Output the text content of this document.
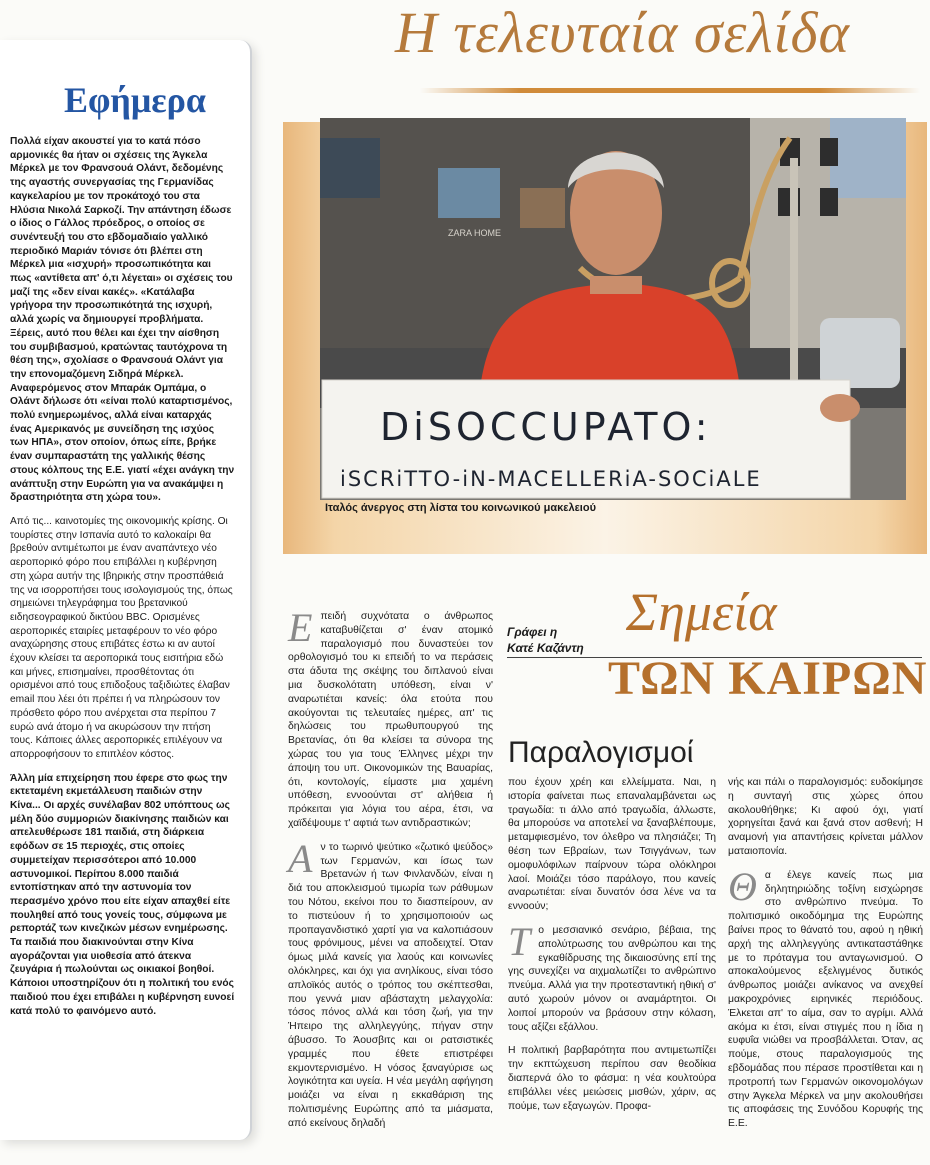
Η τελευταία σελίδα
Εφήμερα

Πολλά είχαν ακουστεί για το κατά πόσο αρμονικές θα ήταν οι σχέσεις της Άγκελα Μέρκελ με τον Φρανσουά Ολάντ, δεδομένης της αγαστής συνεργασίας της Γερμανίδας καγκελαρίου με τον προκάτοχό του στα Ηλύσια Νικολά Σαρκοζί. Την απάντηση έδωσε ο ίδιος ο Γάλλος πρόεδρος, ο οποίος σε συνέντευξή του στο εβδομαδιαίο γαλλικό περιοδικό Μαριάν τόνισε ότι βλέπει στη Μέρκελ μια «ισχυρή» προσωπικότητα και πως «αντίθετα απ' ό,τι λέγεται» οι σχέσεις του μαζί της «δεν είναι κακές». «Κατάλαβα γρήγορα την προσωπικότητά της ισχυρή, αλλά χωρίς να δημιουργεί προβλήματα. Ξέρεις, αυτό που θέλει και έχει την αίσθηση του συμβιβασμού, κρατώντας ταυτόχρονα τη θέση της», σχολίασε ο Φρανσουά Ολάντ για την επονομαζόμενη Σιδηρά Μέρκελ. Αναφερόμενος στον Μπαράκ Ομπάμα, ο Ολάντ δήλωσε ότι «είναι πολύ καταρτισμένος, πολύ ενημερωμένος, αλλά είναι καταρχάς ένας Αμερικανός με συνείδηση της ισχύος των ΗΠΑ», στον οποίον, όπως είπε, βρήκε έναν συμπαραστάτη της γαλλικής θέσης στους κόλπους της Ε.Ε. γιατί «έχει ανάγκη την ανάπτυξη στην Ευρώπη για να ανακάμψει η δραστηριότητα στη χώρα του».

Από τις... καινοτομίες της οικονομικής κρίσης. Οι τουρίστες στην Ισπανία αυτό το καλοκαίρι θα βρεθούν αντιμέτωποι με έναν αναπάντεχο νέο αεροπορικό φόρο που επιβάλλει η κυβέρνηση στη χώρα αυτήν της Ιβηρικής στην προσπάθειά της να ισορροπήσει τους ισολογισμούς της, όπως σημειώνει τηλεγράφημα του βρετανικού ειδησεογραφικού δικτύου BBC. Ορισμένες αεροπορικές εταιρίες μεταφέρουν το νέο φόρο αναχώρησης στους επιβάτες έστω κι αν αυτοί έχουν κλείσει τα αεροπορικά τους εισιτήρια εδώ και μήνες, επισημαίνει, προσθέτοντας ότι ορισμένοι από τους επιδοξους ταξιδιώτες έλαβαν email που λέει ότι πρέπει ή να πληρώσουν τον πρόσθετο φόρο που ανέρχεται στα περίπου 7 ευρώ ανά άτομο ή να ακυρώσουν την πτήση τους. Κάποιες άλλες αεροπορικές επιλέγουν να απορροφήσουν το επιπλέον κόστος.

Άλλη μία επιχείρηση που έφερε στο φως την εκτεταμένη εκμετάλλευση παιδιών στην Κίνα... Οι αρχές συνέλαβαν 802 υπόπτους ως μέλη δύο συμμοριών διακίνησης παιδιών και απελευθέρωσε 181 παιδιά, στη διάρκεια εφόδων σε 15 περιοχές, στις οποίες συμμετείχαν περισσότεροι από 10.000 αστυνομικοί. Περίπου 8.000 παιδιά εντοπίστηκαν από την αστυνομία τον περασμένο χρόνο που είτε είχαν απαχθεί είτε πουληθεί από τους γονείς τους, σύμφωνα με ρεπορτάζ των κινεζικών μέσων ενημέρωσης. Τα παιδιά που διακινούνται στην Κίνα αγοράζονται για υιοθεσία από άτεκνα ζευγάρια ή πωλούνται ως οικιακοί βοηθοί. Κάποιοι υποστηρίζουν ότι η πολιτική του ενός παιδιού που έχει επιβάλει η κυβέρνηση ευνοεί κατά πολύ το φαινόμενο αυτό.

ZARA HOME
DiSOCCUPATO:
iSCRiTTO-iN-MACELLERiA-SOCiALE
Ιταλός άνεργος στη λίστα του κοινωνικού μακελειού
Γράφει η
Κατέ Καζάντη
Σημεία
ΤΩΝ ΚΑΙΡΩΝ
Παραλογισμοί

Επειδή συχνότατα ο άνθρωπος καταβυθίζεται σ' έναν ατομικό παραλογισμό που δυναστεύει τον ορθολογισμό του κι επειδή το να περάσεις στα άδυτα της σκέψης του διπλανού είναι μια δυσκολότατη υπόθεση, είναι ν' αναρωτιέται κανείς: όλα ετούτα που ακούγονται τις τελευταίες ημέρες, απ' τις δηλώσεις του πρωθυπουργού της Βρετανίας, ότι θα κλείσει τα σύνορα της χώρας του για τους Έλληνες μέχρι την άποψη του υπ. Οικονομικών της Βαυαρίας, ότι, κοντολογίς, είμαστε μια χαμένη υπόθεση, εννοούνται στ' αλήθεια ή πρόκειται για λόγια του αέρα, έτσι, να χαϊδέψουμε τ' αφτιά των αντιδραστικών;

Αν το τωρινό ψεύτικο «ζωτικό ψεύδος» των Γερμανών, και ίσως των Βρετανών ή των Φινλανδών, είναι η διά του αποκλεισμού τιμωρία των ράθυμων του Νότου, εκείνοι που το διασπείρουν, αν το πιστεύουν ή το χρησιμοποιούν ως προπαγανδιστικό χαρτί για να καλοπιάσουν τους φρόνιμους, μένει να αποδειχτεί. Όταν όμως μιλά κανείς για λαούς και κοινωνίες ολόκληρες, και όχι για ανηλίκους, είναι τόσο απλοϊκός αυτός ο τρόπος του σκέπτεσθαι, που γεννά μιαν αβάσταχτη μελαγχολία: τόσος πόνος αλλά και τόση ζωή, για την Ήπειρο της αλληλεγγύης, πήγαν στην άβυσσο. Το Άουσβιτς και οι ρατσιστικές γραμμές που έθετε επιστρέφει εκμοντερνισμένο. Η νόσος ξαναγύρισε ως λογικότητα και υγεία. Η νέα μεγάλη αφήγηση μοιάζει να είναι η εκκαθάριση της πολιτισμένης Ευρώπης από τα μιάσματα, από εκείνους δηλαδή

που έχουν χρέη και ελλείμματα. Ναι, η ιστορία φαίνεται πως επαναλαμβάνεται ως τραγωδία: τι άλλο από τραγωδία, άλλωστε, θα μπορούσε να αποτελεί να ξαναβλέπουμε, μεταμφιεσμένο, τον όλεθρο να πλησιάζει; Τη θέση των Εβραίων, των Τσιγγάνων, των ομοφυλόφιλων παίρνουν τώρα ολόκληροι λαοί. Μοιάζει τόσο παράλογο, που κανείς αναρωτιέται: είναι δυνατόν όσα λένε να τα εννοούν;

Το μεσσιανικό σενάριο, βέβαια, της απολύτρωσης του ανθρώπου και της εγκαθίδρυσης της δικαιοσύνης επί της γης συνεχίζει να αιχμαλωτίζει το ανθρώπινο πνεύμα. Αλλά για την προτεσταντική ηθική σ' αυτό χωρούν μόνον οι αναμάρτητοι. Οι λοιποί μπορούν να βράσουν στην κόλαση, τους αξίζει εξάλλου.

Η πολιτική βαρβαρότητα που αντιμετωπίζει την εκπτώχευση περίπου σαν θεοδίκια διαπερνά όλο το φάσμα: η νέα κουλτούρα επιβάλλει νέες μειώσεις μισθών, χάριν, ας πούμε, των εξαγωγών. Προφα-

νής και πάλι ο παραλογισμός: ευδοκίμησε η συνταγή στις χώρες όπου ακολουθήθηκε; Κι αφού όχι, γιατί χορηγείται ξανά και ξανά στον ασθενή; Η αναμονή για απαντήσεις κρίνεται μάλλον ματαιοπονία.

Θα έλεγε κανείς πως μια δηλητηριώδης τοξίνη εισχώρησε στο ανθρώπινο πνεύμα. Το πολιτισμικό οικοδόμημα της Ευρώπης βαίνει προς το θάνατό του, αφού η ηθική αρχή της αλληλεγγύης αντικαταστάθηκε με το πρόταγμα του ανταγωνισμού. Ο αποκαλούμενος εξελιγμένος δυτικός άνθρωπος μοιάζει ανίκανος να ανεχθεί μακροχρόνιες ειρηνικές περιόδους. Έλκεται απ' το αίμα, σαν το αγρίμι. Αλλά ακόμα κι έτσι, είναι στιγμές που η ίδια η ευφυΐα νιώθει να προσβάλλεται. Όταν, ας πούμε, στους παραλογισμούς της εβδομάδας που πέρασε προστίθεται και η προτροπή των Γερμανών οικονομολόγων στην Άγκελα Μέρκελ να μην ακολουθήσει τις αποφάσεις της Συνόδου Κορυφής της Ε.Ε.
